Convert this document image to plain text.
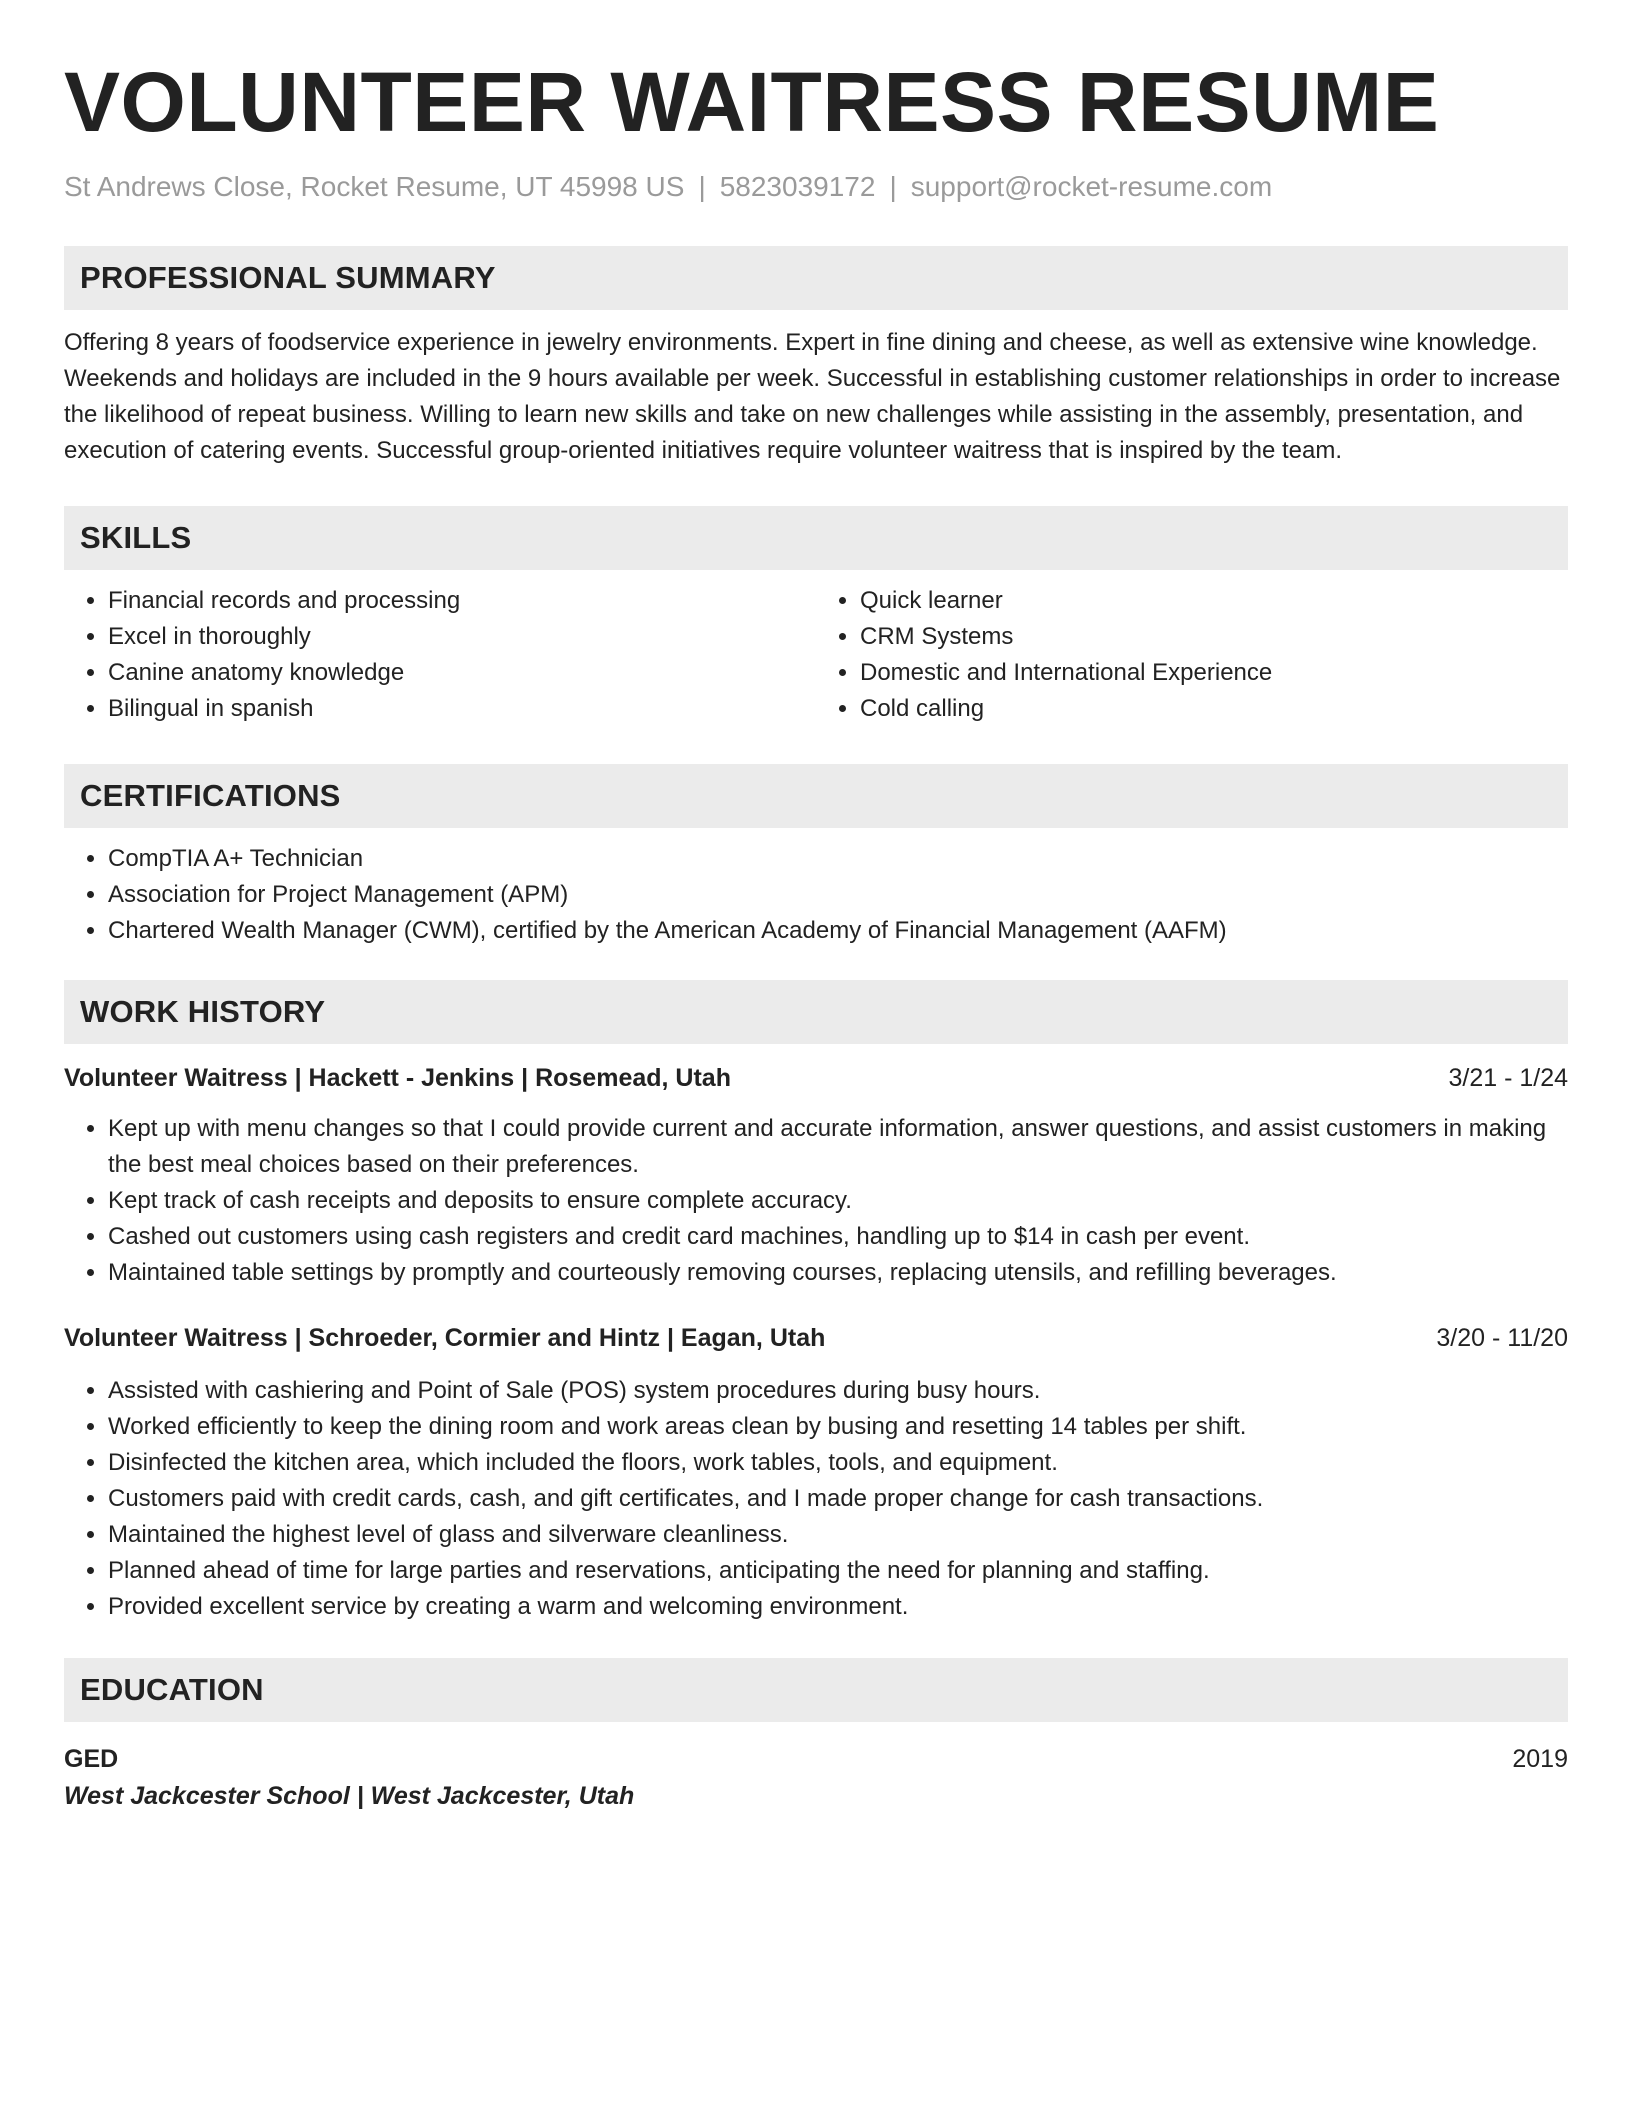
VOLUNTEER WAITRESS RESUME
St Andrews Close, Rocket Resume, UT 45998 US | 5823039172 | support@rocket-resume.com
PROFESSIONAL SUMMARY
Offering 8 years of foodservice experience in jewelry environments. Expert in fine dining and cheese, as well as extensive wine knowledge. Weekends and holidays are included in the 9 hours available per week. Successful in establishing customer relationships in order to increase the likelihood of repeat business. Willing to learn new skills and take on new challenges while assisting in the assembly, presentation, and execution of catering events. Successful group-oriented initiatives require volunteer waitress that is inspired by the team.
SKILLS
• Financial records and processing
• Excel in thoroughly
• Canine anatomy knowledge
• Bilingual in spanish
• Quick learner
• CRM Systems
• Domestic and International Experience
• Cold calling
CERTIFICATIONS
• CompTIA A+ Technician
• Association for Project Management (APM)
• Chartered Wealth Manager (CWM), certified by the American Academy of Financial Management (AAFM)
WORK HISTORY
Volunteer Waitress | Hackett - Jenkins | Rosemead, Utah	3/21 - 1/24
• Kept up with menu changes so that I could provide current and accurate information, answer questions, and assist customers in making the best meal choices based on their preferences.
• Kept track of cash receipts and deposits to ensure complete accuracy.
• Cashed out customers using cash registers and credit card machines, handling up to $14 in cash per event.
• Maintained table settings by promptly and courteously removing courses, replacing utensils, and refilling beverages.
Volunteer Waitress | Schroeder, Cormier and Hintz | Eagan, Utah	3/20 - 11/20
• Assisted with cashiering and Point of Sale (POS) system procedures during busy hours.
• Worked efficiently to keep the dining room and work areas clean by busing and resetting 14 tables per shift.
• Disinfected the kitchen area, which included the floors, work tables, tools, and equipment.
• Customers paid with credit cards, cash, and gift certificates, and I made proper change for cash transactions.
• Maintained the highest level of glass and silverware cleanliness.
• Planned ahead of time for large parties and reservations, anticipating the need for planning and staffing.
• Provided excellent service by creating a warm and welcoming environment.
EDUCATION
GED	2019
West Jackcester School | West Jackcester, Utah
